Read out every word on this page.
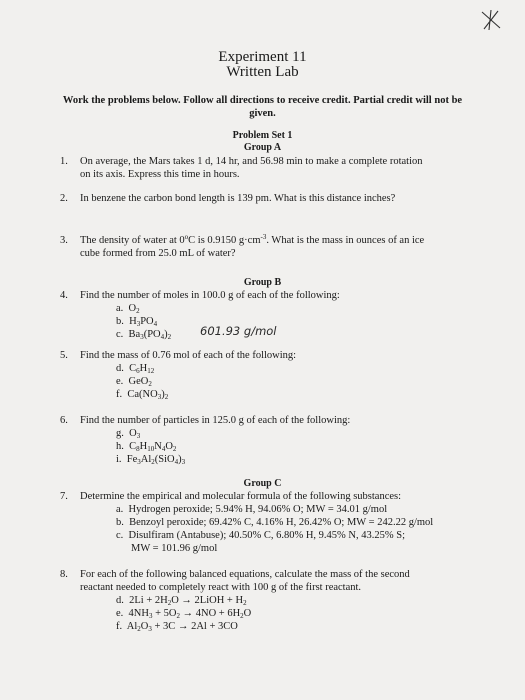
Experiment 11
Written Lab
Work the problems below. Follow all directions to receive credit. Partial credit will not be given.
Problem Set 1
Group A
1. On average, the Mars takes 1 d, 14 hr, and 56.98 min to make a complete rotation
on its axis. Express this time in hours.
2. In benzene the carbon bond length is 139 pm. What is this distance inches?
3. The density of water at 0$^o$C is 0.9150 $g\cdot cm^{-3}$. What is the mass in ounces of an ice
cube formed from 25.0 mL of water?
Group B
4. Find the number of moles in 100.0 g of each of the following:
a.  $O_2$
b.  $H_3PO_4$
c.  $Ba_3(PO_4)_2$	601.93 g/mol
5. Find the mass of 0.76 mol of each of the following:
d.  $C_6H_{12}$
e.  GeO$_2$
f.  $Ca(NO_3)_2$
6. Find the number of particles in 125.0 g of each of the following:
g.  $O_3$
h.  $C_8H_{10}N_4O_2$
i.  $Fe_3Al_2(SiO_4)_3$
Group C
7. Determine the empirical and molecular formula of the following substances:
a. Hydrogen peroxide; 5.94% H, 94.06% O; MW = 34.01 g/mol
b. Benzoyl peroxide; 69.42% C, 4.16% H, 26.42% O; MW = 242.22 g/mol
c. Disulfiram (Antabuse); 40.50% C, 6.80% H, 9.45% N, 43.25% S;
MW = 101.96 g/mol
8. For each of the following balanced equations, calculate the mass of the second
reactant needed to completely react with 100 g of the first reactant.
d.  $2Li + 2H_2O$ → 2LiOH + $H_2$
e.  $4NH_3 + 5O_2 \to 4NO + 6H_2O$
f.  $Al_2O_3 + 3C \to 2Al + 3CO$
